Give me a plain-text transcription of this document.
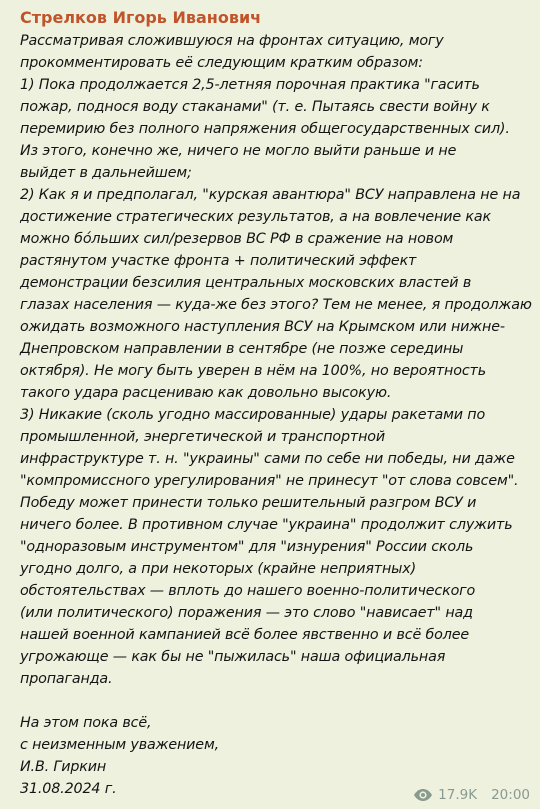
Стрелков Игорь Иванович
Рассматривая сложившуюся на фронтах ситуацию, могу
прокомментировать её следующим кратким образом:
1) Пока продолжается 2,5-летняя порочная практика "гасить
пожар, поднося воду стаканами" (т. е. Пытаясь свести войну к
перемирию без полного напряжения общегосударственных сил).
Из этого, конечно же, ничего не могло выйти раньше и не
выйдет в дальнейшем;
2) Как я и предполагал, "курская авантюра" ВСУ направлена не на
достижение стратегических результатов, а на вовлечение как
можно бóльших сил/резервов ВС РФ в сражение на новом
растянутом участке фронта + политический эффект
демонстрации безсилия центральных московских властей в
глазах населения — куда-же без этого? Тем не менее, я продолжаю
ожидать возможного наступления ВСУ на Крымском или нижне-
Днепровском направлении в сентябре (не позже середины
октября). Не могу быть уверен в нём на 100%, но вероятность
такого удара расцениваю как довольно высокую.
3) Никакие (сколь угодно массированные) удары ракетами по
промышленной, энергетической и транспортной
инфраструктуре т. н. "украины" сами по себе ни победы, ни даже
"компромиссного урегулирования" не принесут "от слова совсем".
Победу может принести только решительный разгром ВСУ и
ничего более. В противном случае "украина" продолжит служить
"одноразовым инструментом" для "изнурения" России сколь
угодно долго, а при некоторых (крайне неприятных)
обстоятельствах — вплоть до нашего военно-политического
(или политического) поражения — это слово "нависает" над
нашей военной кампанией всё более явственно и всё более
угрожающе — как бы не "пыжилась" наша официальная
пропаганда.
На этом пока всё,
с неизменным уважением,
И.В. Гиркин
31.08.2024 г.	17.9K 20:00
